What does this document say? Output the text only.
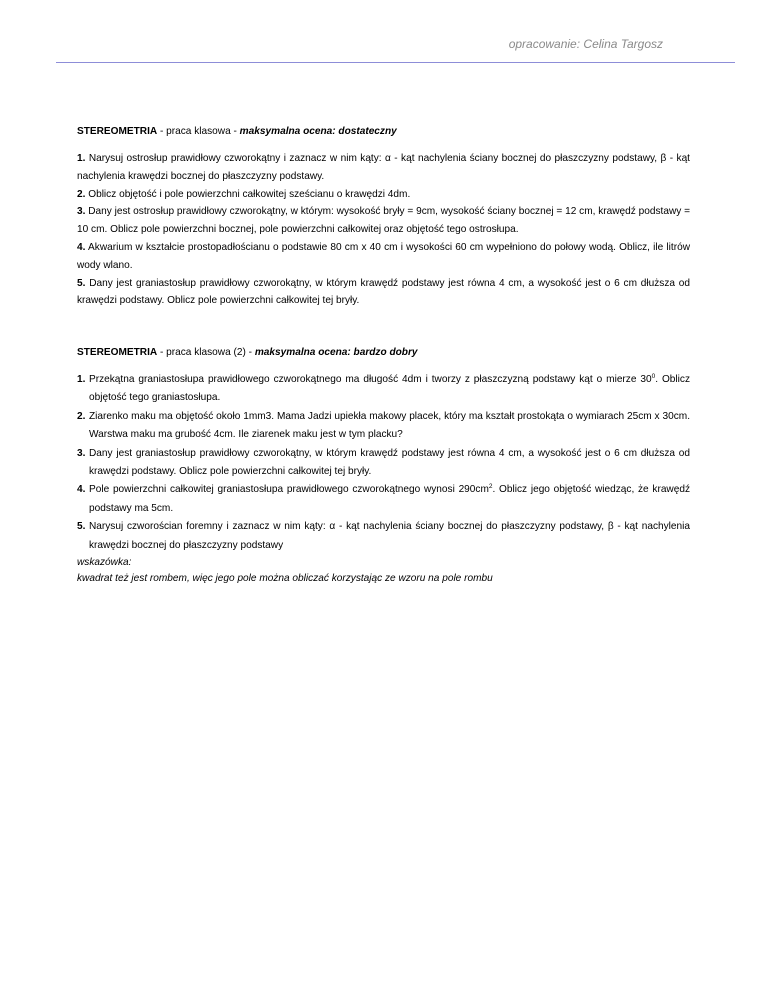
opracowanie: Celina Targosz
STEREOMETRIA - praca klasowa - maksymalna ocena: dostateczny
1. Narysuj ostrosłup prawidłowy czworokątny i zaznacz w nim kąty: α - kąt nachylenia ściany bocznej do płaszczyzny podstawy, β - kąt nachylenia krawędzi bocznej do płaszczyzny podstawy.
2. Oblicz objętość i pole powierzchni całkowitej sześcianu o krawędzi 4dm.
3. Dany jest ostrosłup prawidłowy czworokątny, w którym: wysokość bryły = 9cm, wysokość ściany bocznej = 12 cm, krawędź podstawy = 10 cm. Oblicz pole powierzchni bocznej, pole powierzchni całkowitej oraz objętość tego ostrosłupa.
4. Akwarium w kształcie prostopadłościanu o podstawie 80 cm x 40 cm i wysokości 60 cm wypełniono do połowy wodą. Oblicz, ile litrów wody wlano.
5. Dany jest graniastosłup prawidłowy czworokątny, w którym krawędź podstawy jest równa 4 cm, a wysokość jest o 6 cm dłuższa od krawędzi podstawy. Oblicz pole powierzchni całkowitej tej bryły.
STEREOMETRIA - praca klasowa (2) - maksymalna ocena: bardzo dobry
1. Przekątna graniastosłupa prawidłowego czworokątnego ma długość 4dm i tworzy z płaszczyzną podstawy kąt o mierze $30^0$. Oblicz objętość tego graniastosłupa.
2. Ziarenko maku ma objętość około 1mm3. Mama Jadzi upiekła makowy placek, który ma kształt prostokąta o wymiarach 25cm x 30cm. Warstwa maku ma grubość 4cm. Ile ziarenek maku jest w tym placku?
3. Dany jest graniastosłup prawidłowy czworokątny, w którym krawędź podstawy jest równa 4 cm, a wysokość jest o 6 cm dłuższa od krawędzi podstawy. Oblicz pole powierzchni całkowitej tej bryły.
4. Pole powierzchni całkowitej graniastosłupa prawidłowego czworokątnego wynosi $290cm^2$. Oblicz jego objętość wiedząc, że krawędź podstawy ma 5cm.
5. Narysuj czworościan foremny i zaznacz w nim kąty: α - kąt nachylenia ściany bocznej do płaszczyzny podstawy, β - kąt nachylenia krawędzi bocznej do płaszczyzny podstawy
wskazówka:
kwadrat też jest rombem, więc jego pole można obliczać korzystając ze wzoru na pole rombu
